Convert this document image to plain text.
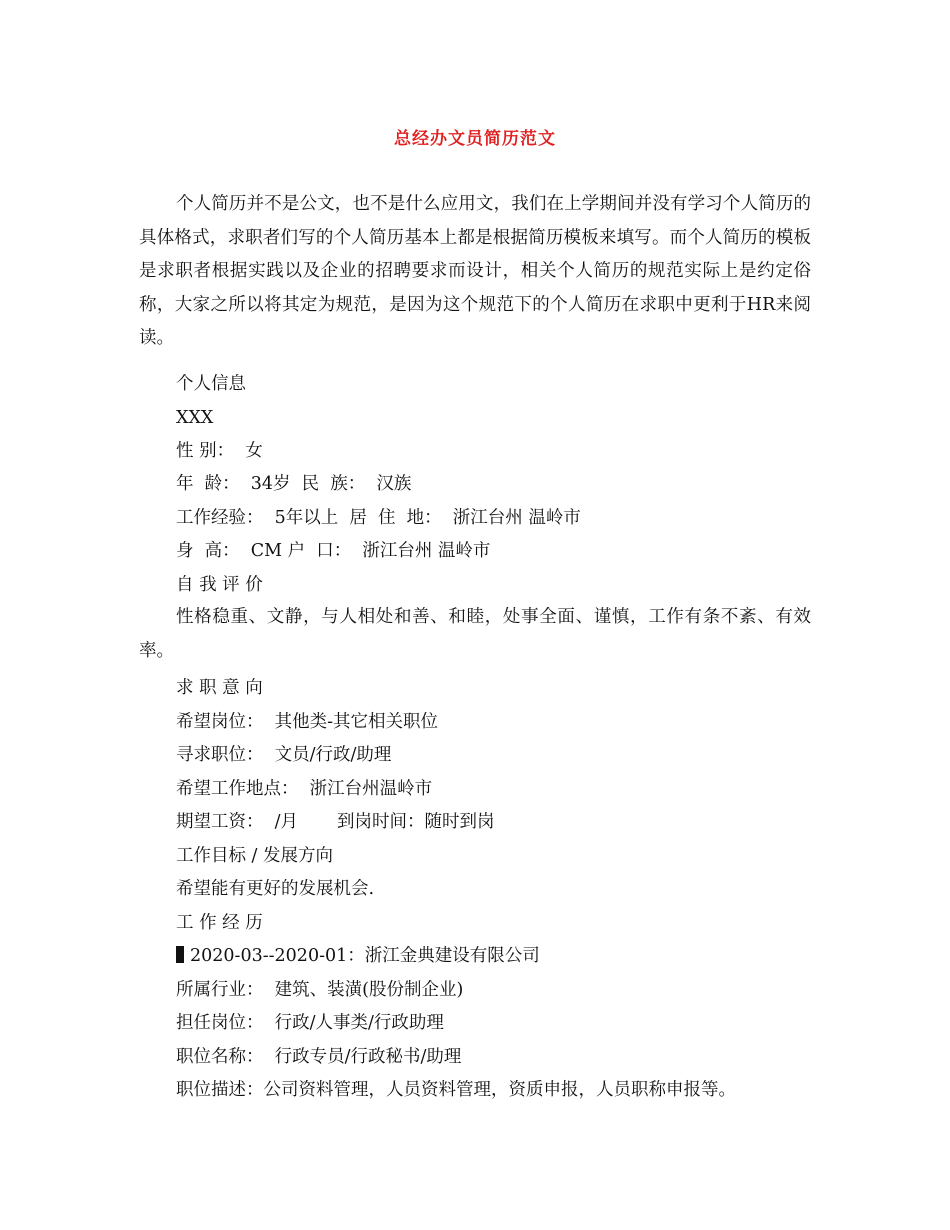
总经办文员简历范文

个人简历并不是公文，也不是什么应用文，我们在上学期间并没有学习个人简历的具体格式，求职者们写的个人简历基本上都是根据简历模板来填写。而个人简历的模板是求职者根据实践以及企业的招聘要求而设计，相关个人简历的规范实际上是约定俗称，大家之所以将其定为规范，是因为这个规范下的个人简历在求职中更利于HR来阅读。

个人信息
XXX
性 别：  女
年  龄：  34岁  民  族：  汉族
工作经验：  5年以上  居  住  地：  浙江台州 温岭市
身  高：  CM 户  口：  浙江台州 温岭市
自 我 评 价

性格稳重、文静，与人相处和善、和睦，处事全面、谨慎，工作有条不紊、有效率。

求 职 意 向
希望岗位：  其他类-其它相关职位
寻求职位：  文员/行政/助理
希望工作地点：  浙江台州温岭市
期望工资：  /月       到岗时间：随时到岗
工作目标 / 发展方向
希望能有更好的发展机会.
工 作 经 历
2020-03--2020-01：浙江金典建设有限公司
所属行业：  建筑、装潢(股份制企业)
担任岗位：  行政/人事类/行政助理
职位名称：  行政专员/行政秘书/助理
职位描述：公司资料管理，人员资料管理，资质申报，人员职称申报等。
